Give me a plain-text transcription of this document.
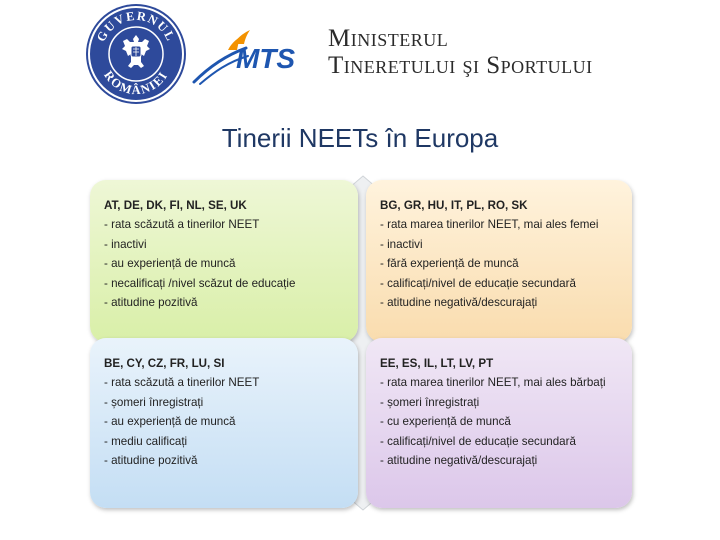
GUVERNUL
ROMÂNIEI
MTS
Ministerul
Tineretului şi Sportului
Tinerii NEETs în Europa
AT, DE, DK, FI, NL, SE, UK
- rata scăzută a tinerilor NEET
- inactivi
- au experiență de muncă
- necalificați /nivel scăzut de educație
- atitudine pozitivă
BG, GR, HU, IT, PL, RO, SK
- rata marea tinerilor NEET, mai ales femei
- inactivi
- fără experiență de muncă
- calificați/nivel de educație secundară
- atitudine negativă/descurajați
BE, CY, CZ, FR, LU, SI
- rata scăzută a tinerilor NEET
- șomeri înregistrați
- au experiență de muncă
- mediu calificați
- atitudine pozitivă
EE, ES, IL, LT, LV, PT
- rata marea tinerilor NEET, mai ales bărbați
- șomeri înregistrați
- cu experiență de muncă
- calificați/nivel de educație secundară
- atitudine negativă/descurajați
